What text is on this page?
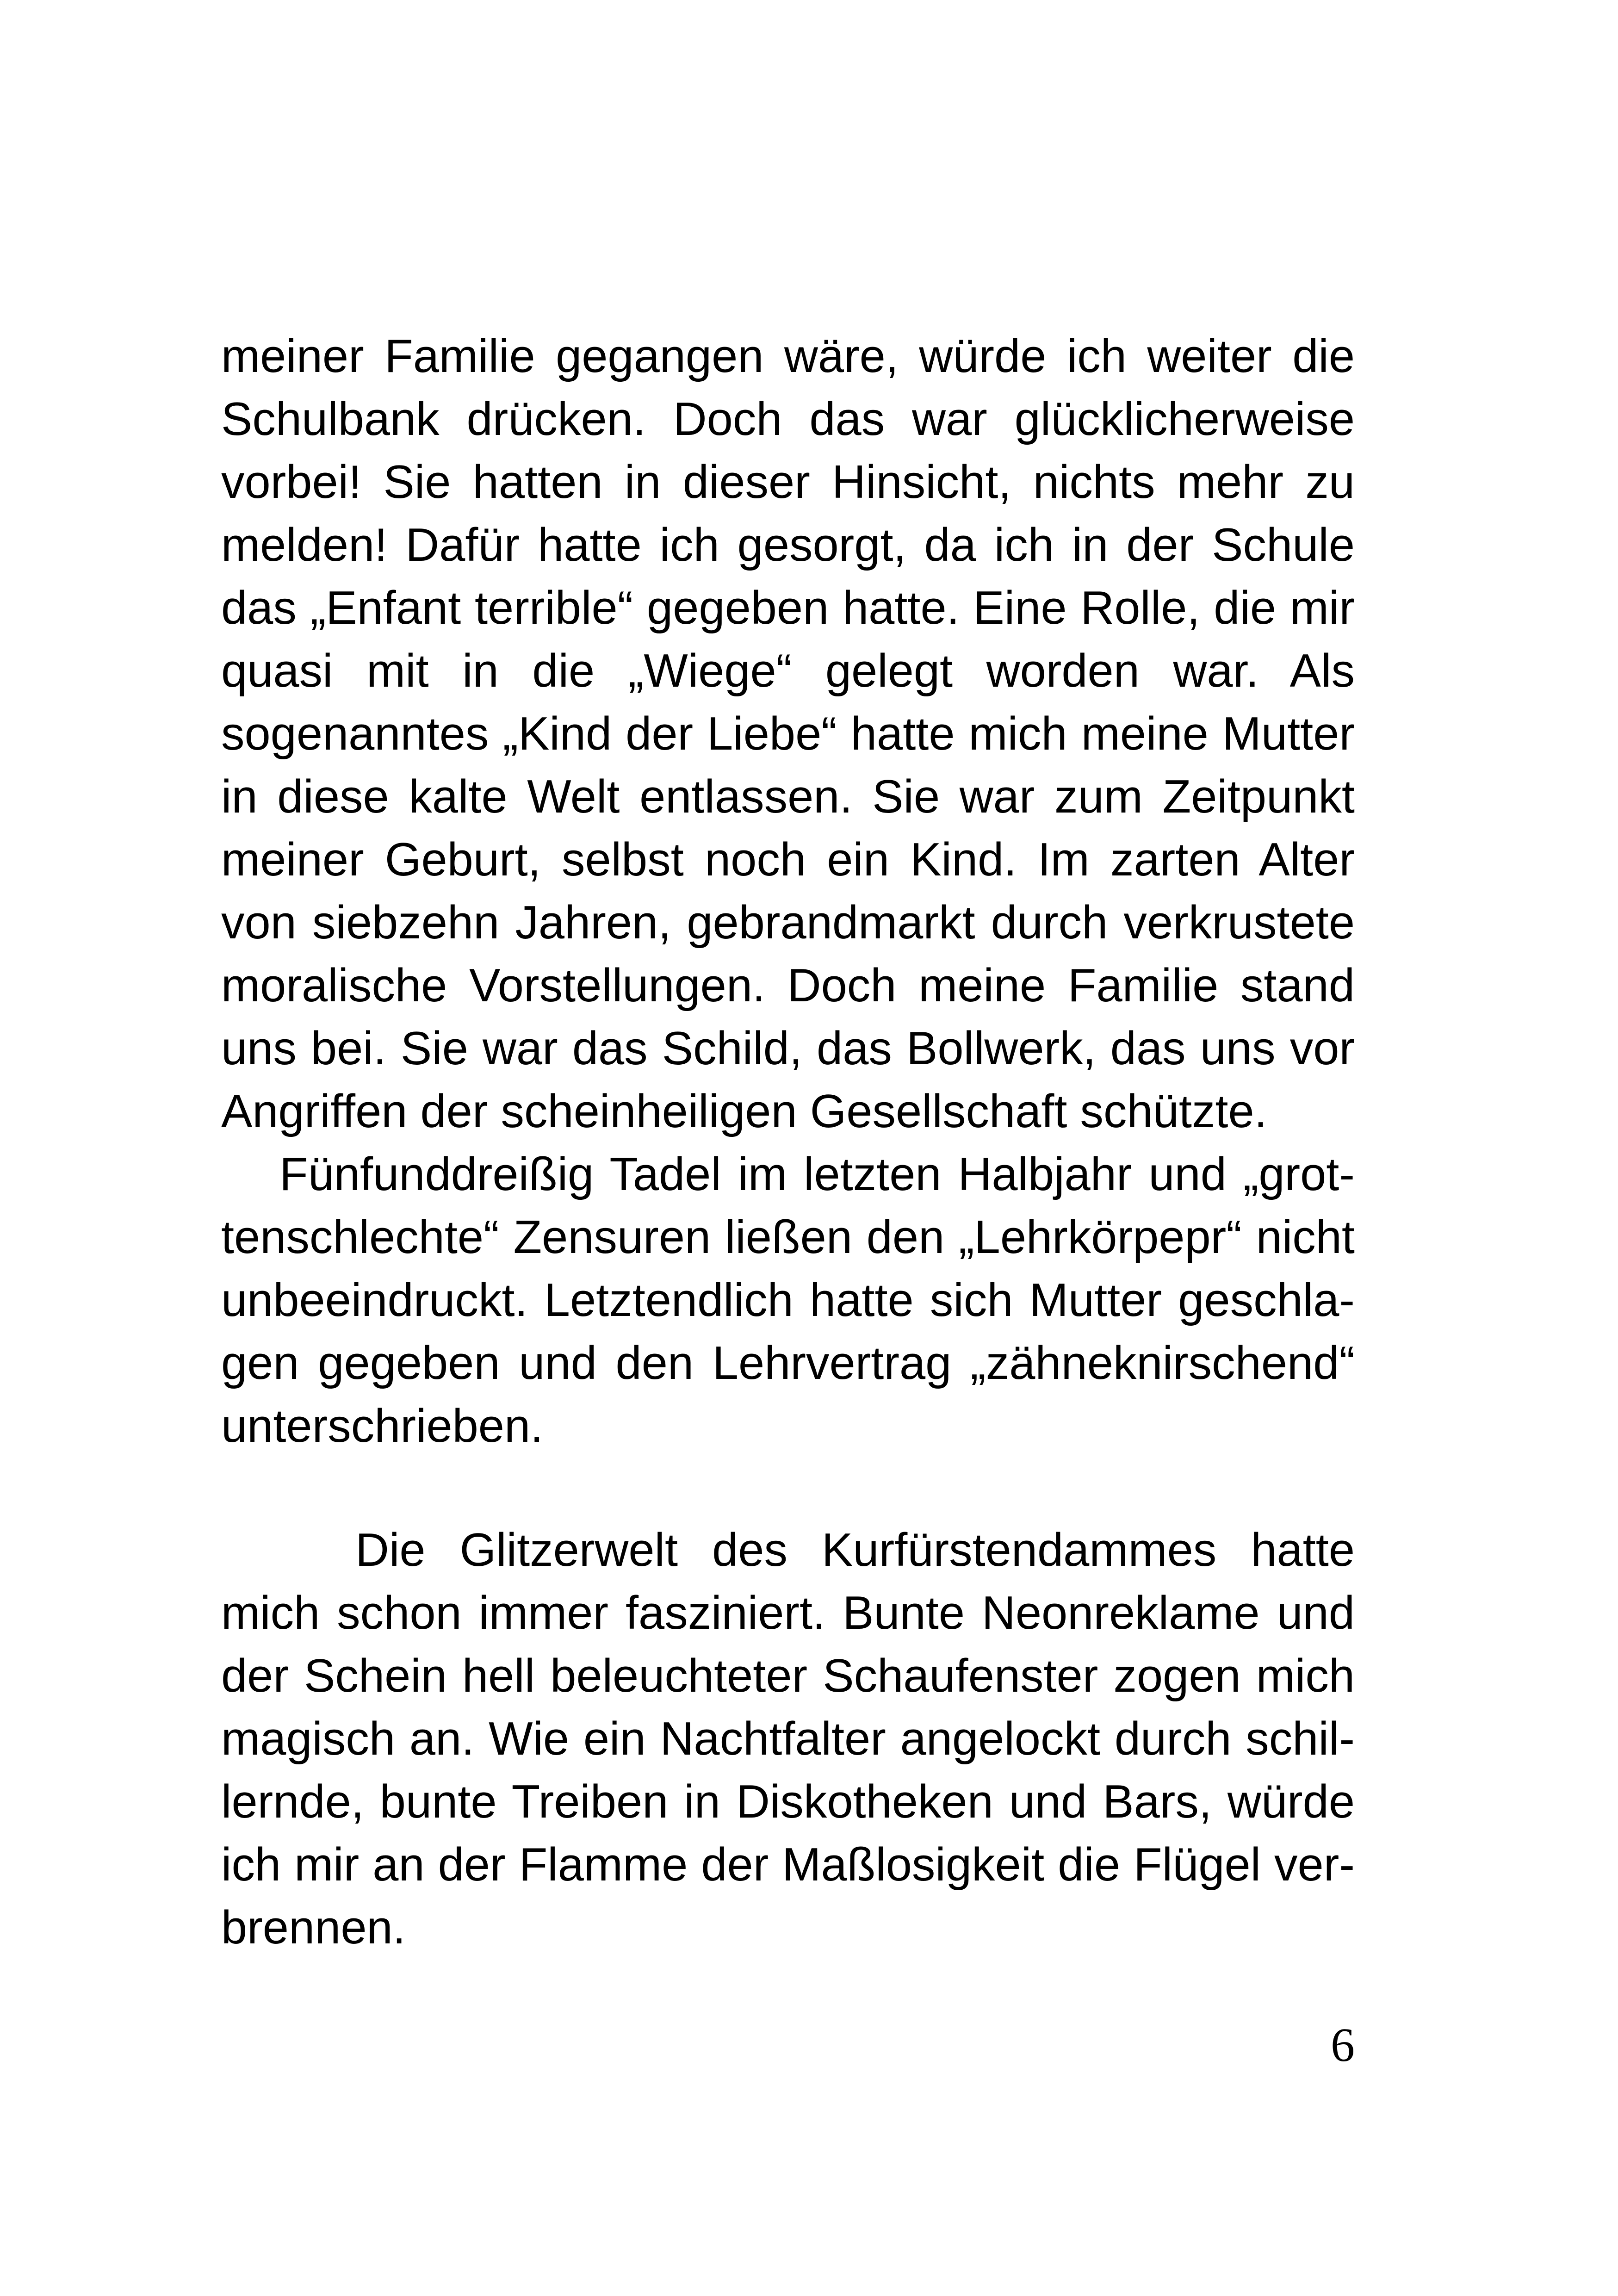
meiner Familie gegangen wäre, würde ich weiter die
Schulbank drücken. Doch das war glücklicherweise
vorbei! Sie hatten in dieser Hinsicht, nichts mehr zu
melden! Dafür hatte ich gesorgt, da ich in der Schule
das „Enfant terrible“ gegeben hatte. Eine Rolle, die mir
quasi mit in die „Wiege“ gelegt worden war. Als
sogenanntes „Kind der Liebe“ hatte mich meine Mutter
in diese kalte Welt entlassen. Sie war zum Zeitpunkt
meiner Geburt, selbst noch ein Kind. Im zarten Alter
von siebzehn Jahren, gebrandmarkt durch verkrustete
moralische Vorstellungen. Doch meine Familie stand
uns bei. Sie war das Schild, das Bollwerk, das uns vor
Angriffen der scheinheiligen Gesellschaft schützte.
Fünfunddreißig Tadel im letzten Halbjahr und „grot-
tenschlechte“ Zensuren ließen den „Lehrkörpepr“ nicht
unbeeindruckt. Letztendlich hatte sich Mutter geschla-
gen gegeben und den Lehrvertrag „zähneknirschend“
unterschrieben.
Die Glitzerwelt des Kurfürstendammes hatte
mich schon immer fasziniert. Bunte Neonreklame und
der Schein hell beleuchteter Schaufenster zogen mich
magisch an. Wie ein Nachtfalter angelockt durch schil-
lernde, bunte Treiben in Diskotheken und Bars, würde
ich mir an der Flamme der Maßlosigkeit die Flügel ver-
brennen.
6
